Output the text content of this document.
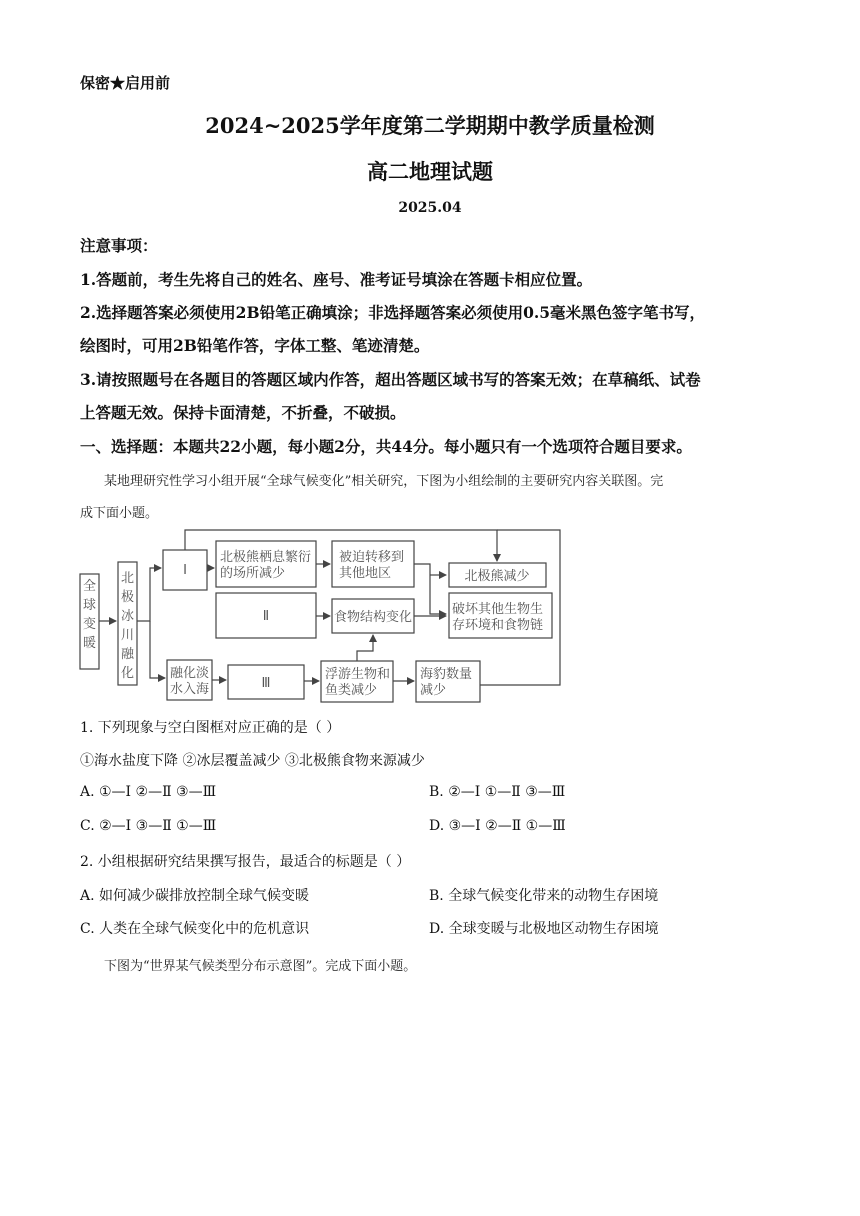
保密★启用前
2024~2025学年度第二学期期中教学质量检测
高二地理试题
2025.04
注意事项：
1.答题前，考生先将自己的姓名、座号、准考证号填涂在答题卡相应位置。
2.选择题答案必须使用2B铅笔正确填涂；非选择题答案必须使用0.5毫米黑色签字笔书写，
绘图时，可用2B铅笔作答，字体工整、笔迹清楚。
3.请按照题号在各题目的答题区域内作答，超出答题区域书写的答案无效；在草稿纸、试卷
上答题无效。保持卡面清楚，不折叠，不破损。
一、选择题：本题共22小题，每小题2分，共44分。每小题只有一个选项符合题目要求。
某地理研究性学习小组开展“全球气候变化”相关研究，下图为小组绘制的主要研究内容关联图。完
成下面小题。
全
球
变
暖
北
极
冰
川
融
化
Ⅰ
北极熊栖息繁衍
的场所减少
被迫转移到
其他地区	北极熊减少
Ⅱ	食物结构变化
破坏其他生物生
存环境和食物链
融化淡
水入海	Ⅲ
浮游生物和
鱼类减少
海豹数量
减少
1. 下列现象与空白图框对应正确的是（ ）
①海水盐度下降 ②冰层覆盖减少 ③北极熊食物来源减少
A. ①—Ⅰ ②—Ⅱ ③—Ⅲ	B. ②—Ⅰ ①—Ⅱ ③—Ⅲ
C. ②—Ⅰ ③—Ⅱ ①—Ⅲ	D. ③—Ⅰ ②—Ⅱ ①—Ⅲ
2. 小组根据研究结果撰写报告，最适合的标题是（ ）
A. 如何减少碳排放控制全球气候变暖	B. 全球气候变化带来的动物生存困境
C. 人类在全球气候变化中的危机意识	D. 全球变暖与北极地区动物生存困境
下图为“世界某气候类型分布示意图”。完成下面小题。
